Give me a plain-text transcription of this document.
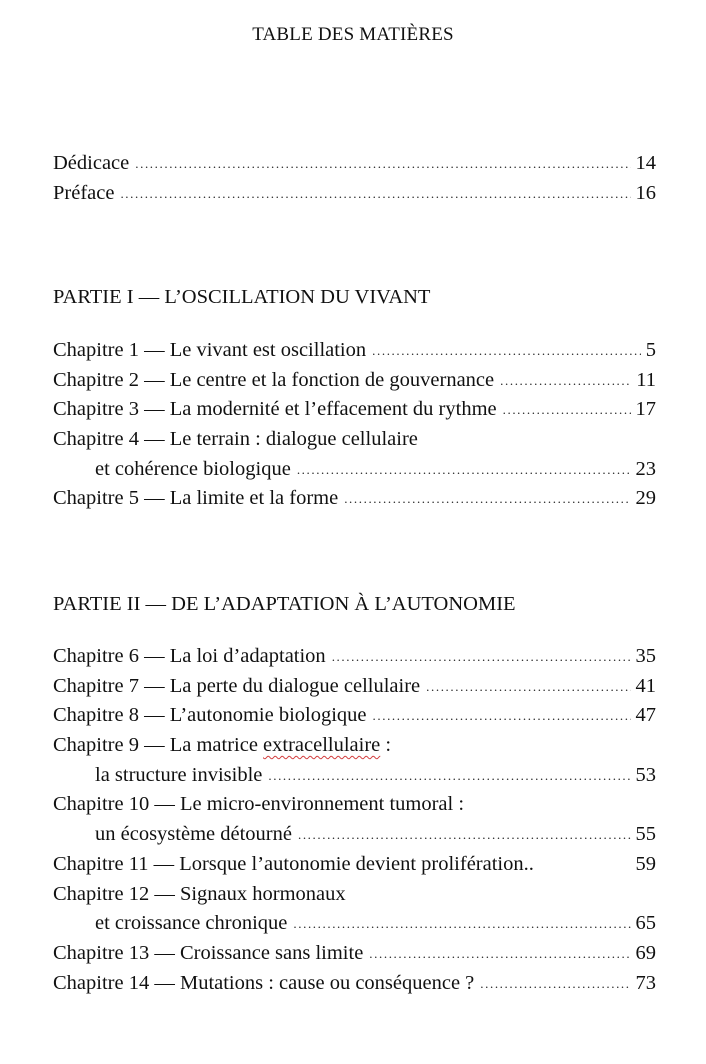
TABLE DES MATIÈRES
Dédicace .....	14
Préface .....	16
PARTIE I — L’OSCILLATION DU VIVANT
Chapitre 1 — Le vivant est oscillation .....	5
Chapitre 2 — Le centre et la fonction de gouvernance .....	11
Chapitre 3 — La modernité et l’effacement du rythme .....	17
Chapitre 4 — Le terrain : dialogue cellulaire
et cohérence biologique .....	23
Chapitre 5 — La limite et la forme .....	29
PARTIE II — DE L’ADAPTATION À L’AUTONOMIE
Chapitre 6 — La loi d’adaptation .....	35
Chapitre 7 — La perte du dialogue cellulaire .....	41
Chapitre 8 — L’autonomie biologique .....	47
Chapitre 9 — La matrice extracellulaire :
la structure invisible .....	53
Chapitre 10 — Le micro-environnement tumoral :
un écosystème détourné .....	55
Chapitre 11 — Lorsque l’autonomie devient prolifération..	59
Chapitre 12 — Signaux hormonaux
et croissance chronique .....	65
Chapitre 13 — Croissance sans limite .....	69
Chapitre 14 — Mutations : cause ou conséquence ? .....	73
